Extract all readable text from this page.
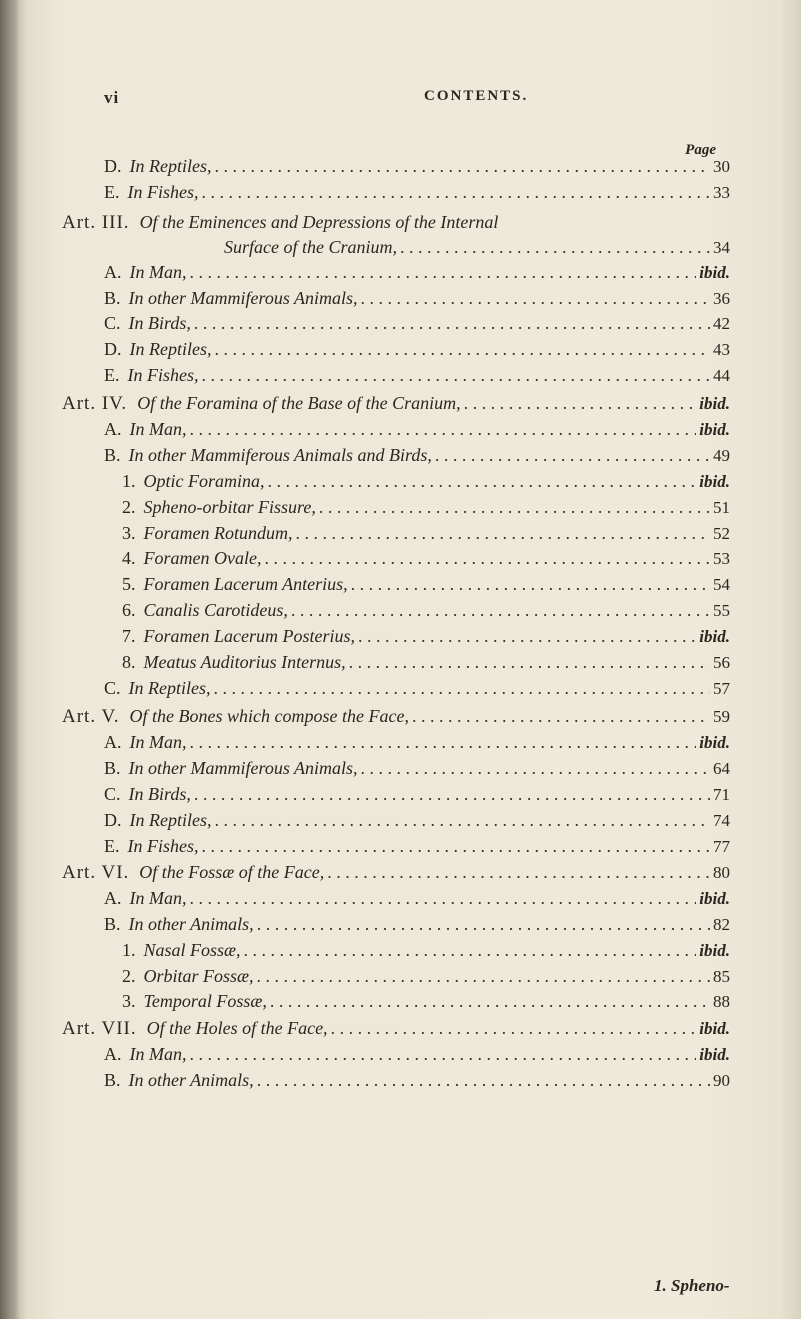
vi	CONTENTS.
Page
D. In Reptiles, . . .	30
E. In Fishes, . . .	33
Art. III. Of the Eminences and Depressions of the Internal
Surface of the Cranium, . . .	34
A. In Man, . . .	ibid.
B. In other Mammiferous Animals, . . .	36
C. In Birds, . . .	42
D. In Reptiles, . . .	43
E. In Fishes, . . .	44
Art. IV. Of the Foramina of the Base of the Cranium, . . .	ibid.
A. In Man, . . .	ibid.
B. In other Mammiferous Animals and Birds, . . .	49
1. Optic Foramina, . . .	ibid.
2. Spheno-orbitar Fissure, . . .	51
3. Foramen Rotundum, . . .	52
4. Foramen Ovale, . . .	53
5. Foramen Lacerum Anterius, . . .	54
6. Canalis Carotideus, . . .	55
7. Foramen Lacerum Posterius, . . .	ibid.
8. Meatus Auditorius Internus, . . .	56
C. In Reptiles, . . .	57
Art. V. Of the Bones which compose the Face, . . .	59
A. In Man, . . .	ibid.
B. In other Mammiferous Animals, . . .	64
C. In Birds, . . .	71
D. In Reptiles, . . .	74
E. In Fishes, . . .	77
Art. VI. Of the Fossæ of the Face, . . .	80
A. In Man, . . .	ibid.
B. In other Animals, . . .	82
1. Nasal Fossæ, . . .	ibid.
2. Orbitar Fossæ, . . .	85
3. Temporal Fossæ, . . .	88
Art. VII. Of the Holes of the Face, . . .	ibid.
A. In Man, . . .	ibid.
B. In other Animals, . . .	90
1. Spheno-
